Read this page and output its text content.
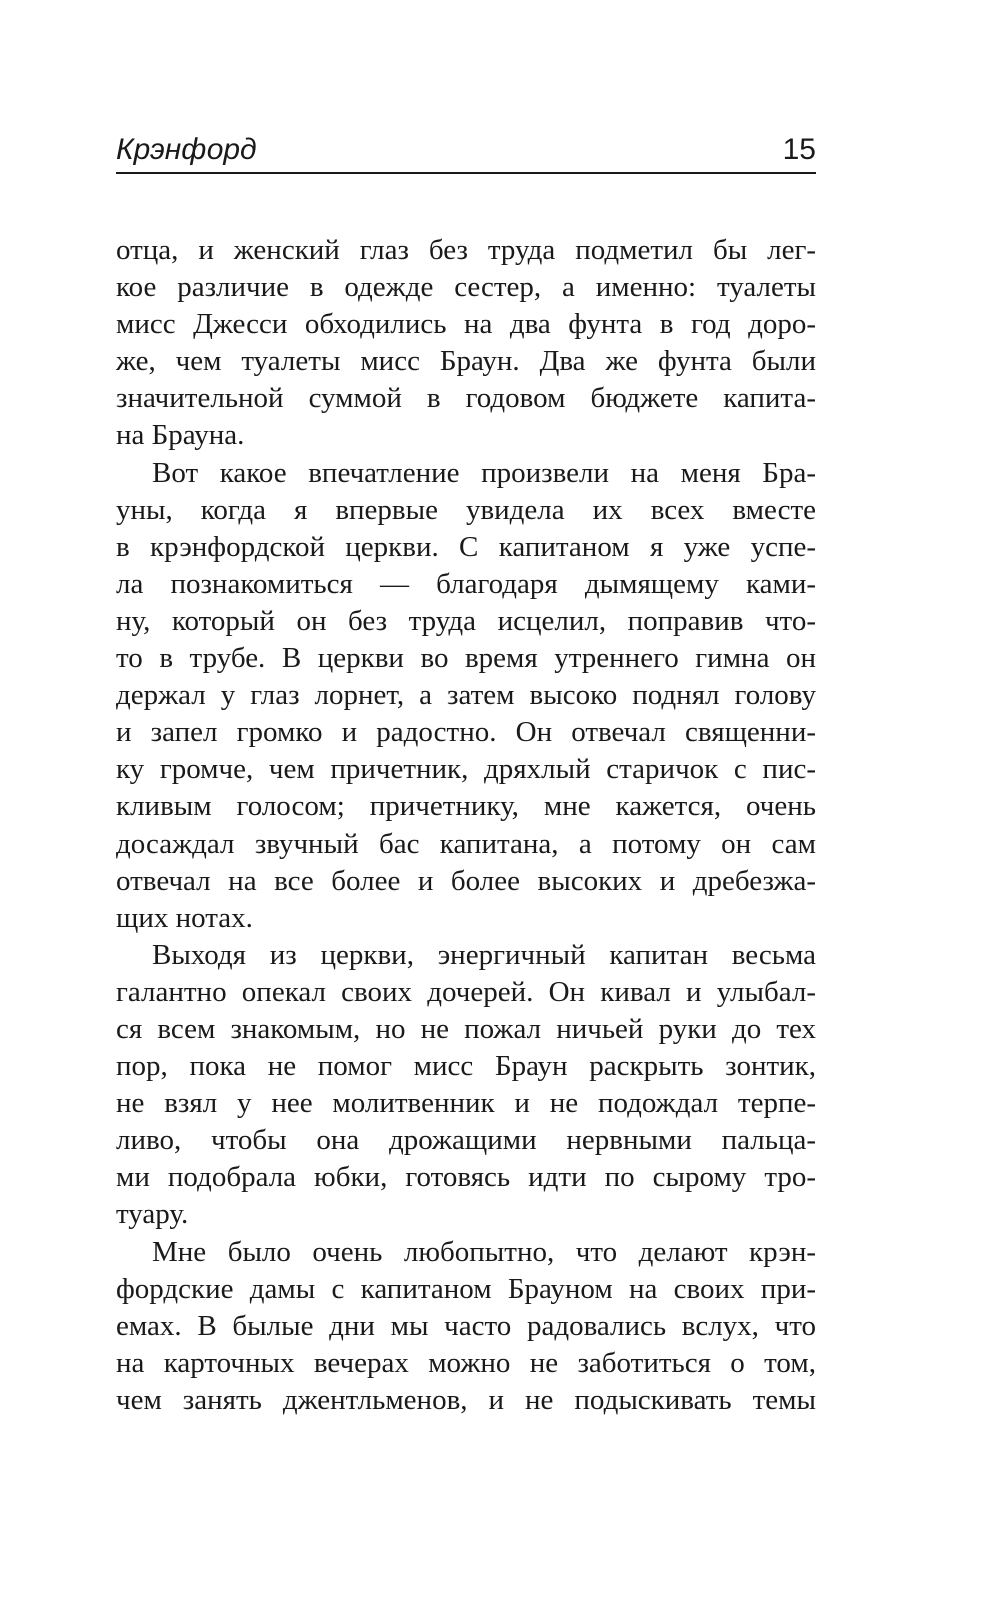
Крэнфорд	15
отца, и женский глаз без труда подметил бы лег-
кое различие в одежде сестер, а именно: туалеты
мисс Джесси обходились на два фунта в год доро-
же, чем туалеты мисс Браун. Два же фунта были
значительной суммой в годовом бюджете капита-
на Брауна.
Вот какое впечатление произвели на меня Бра-
уны, когда я впервые увидела их всех вместе
в крэнфордской церкви. С капитаном я уже успе-
ла познакомиться — благодаря дымящему ками-
ну, который он без труда исцелил, поправив что-
то в трубе. В церкви во время утреннего гимна он
держал у глаз лорнет, а затем высоко поднял голову
и запел громко и радостно. Он отвечал священни-
ку громче, чем причетник, дряхлый старичок с пис-
кливым голосом; причетнику, мне кажется, очень
досаждал звучный бас капитана, а потому он сам
отвечал на все более и более высоких и дребезжа-
щих нотах.
Выходя из церкви, энергичный капитан весьма
галантно опекал своих дочерей. Он кивал и улыбал-
ся всем знакомым, но не пожал ничьей руки до тех
пор, пока не помог мисс Браун раскрыть зонтик,
не взял у нее молитвенник и не подождал терпе-
ливо, чтобы она дрожащими нервными пальца-
ми подобрала юбки, готовясь идти по сырому тро-
туару.
Мне было очень любопытно, что делают крэн-
фордские дамы с капитаном Брауном на своих при-
емах. В былые дни мы часто радовались вслух, что
на карточных вечерах можно не заботиться о том,
чем занять джентльменов, и не подыскивать темы
